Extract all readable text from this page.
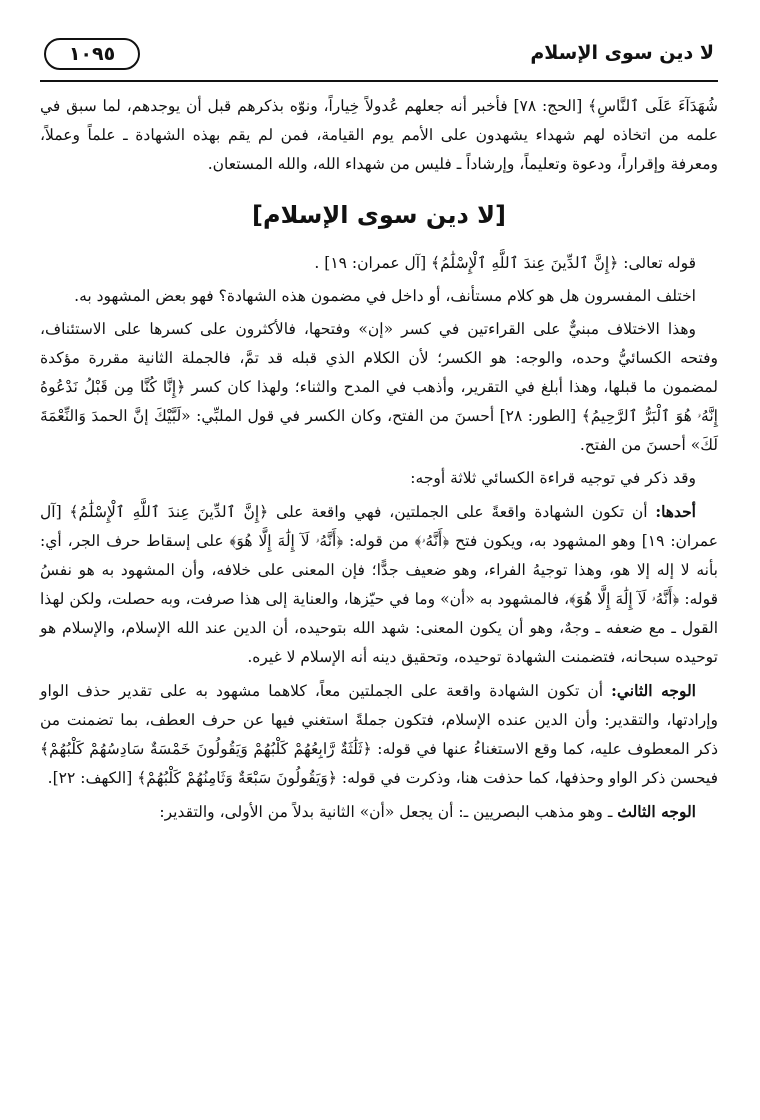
لا دين سوى الإسلام
١٠٩٥

شُهَدَآءَ عَلَى ٱلنَّاسِ﴾ [الحج: ٧٨] فأخبر أنه جعلهم عُدولاً خِياراً، ونوّه بذكرهم قبل أن يوجدهم، لما سبق في علمه من اتخاذه لهم شهداء يشهدون على الأمم يوم القيامة، فمن لم يقم بهذه الشهادة ـ علماً وعملاً، ومعرفة وإقراراً، ودعوة وتعليماً، وإرشاداً ـ فليس من شهداء الله، والله المستعان.

[لا دين سوى الإسلام]

قوله تعالى: ﴿إِنَّ ٱلدِّينَ عِندَ ٱللَّهِ ٱلْإِسْلَٰمُ﴾ [آل عمران: ١٩] .

اختلف المفسرون هل هو كلام مستأنف، أو داخل في مضمون هذه الشهادة؟ فهو بعض المشهود به.

وهذا الاختلاف مبنيٌّ على القراءتين في كسر «إن» وفتحها، فالأكثرون على كسرها على الاستئناف، وفتحه الكسائيُّ وحده، والوجه: هو الكسر؛ لأن الكلام الذي قبله قد تمَّ، فالجملة الثانية مقررة مؤكدة لمضمون ما قبلها، وهذا أبلغ في التقرير، وأذهب في المدح والثناء؛ ولهذا كان كسر ﴿إِنَّا كُنَّا مِن قَبْلُ نَدْعُوهُ إِنَّهُۥ هُوَ ٱلْبَرُّ ٱلرَّحِيمُ﴾ [الطور: ٢٨] أحسنَ من الفتح، وكان الكسر في قول الملبِّي: «لَبَّيْكَ إنَّ الحمدَ وَالنِّعْمَةَ لَكَ» أحسنَ من الفتح.

وقد ذكر في توجيه قراءة الكسائي ثلاثة أوجه:

أحدها: أن تكون الشهادة واقعةً على الجملتين، فهي واقعة على ﴿إِنَّ ٱلدِّينَ عِندَ ٱللَّهِ ٱلْإِسْلَٰمُ﴾ [آل عمران: ١٩] وهو المشهود به، ويكون فتح ﴿أَنَّهُۥ﴾ من قوله: ﴿أَنَّهُۥ لَآ إِلَٰهَ إِلَّا هُوَ﴾ على إسقاط حرف الجر، أي: بأنه لا إله إلا هو، وهذا توجيهُ الفراء، وهو ضعيف جدًّا؛ فإن المعنى على خلافه، وأن المشهود به هو نفسُ قوله: ﴿أَنَّهُۥ لَآ إِلَٰهَ إِلَّا هُوَ﴾، فالمشهود به «أن» وما في حيّزها، والعناية إلى هذا صرفت، وبه حصلت، ولكن لهذا القول ـ مع ضعفه ـ وجهٌ، وهو أن يكون المعنى: شهد الله بتوحيده، أن الدين عند الله الإسلام، والإسلام هو توحيده سبحانه، فتضمنت الشهادة توحيده، وتحقيق دينه أنه الإسلام لا غيره.

الوجه الثاني: أن تكون الشهادة واقعة على الجملتين معاً، كلاهما مشهود به على تقدير حذف الواو وإرادتها، والتقدير: وأن الدين عنده الإسلام، فتكون جملةً استغني فيها عن حرف العطف، بما تضمنت من ذكر المعطوف عليه، كما وقع الاستغناءُ عنها في قوله: ﴿ثَلَٰثَةٌ رَّابِعُهُمْ كَلْبُهُمْ وَيَقُولُونَ خَمْسَةٌ سَادِسُهُمْ كَلْبُهُمْ﴾ فيحسن ذكر الواو وحذفها، كما حذفت هنا، وذكرت في قوله: ﴿وَيَقُولُونَ سَبْعَةٌ وَثَامِنُهُمْ كَلْبُهُمْ﴾ [الكهف: ٢٢].

الوجه الثالث ـ وهو مذهب البصريين ـ: أن يجعل «أن» الثانية بدلاً من الأولى، والتقدير:
